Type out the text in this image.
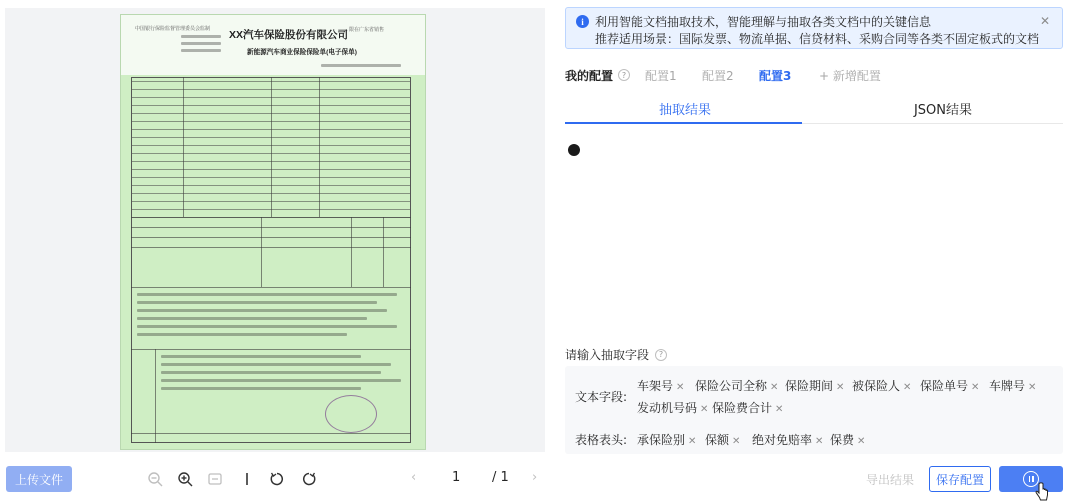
中国银行保险监督管理委员会监制	限在广东省销售
XX汽车保险股份有限公司
新能源汽车商业保险保险单(电子保单)
上传文件	‹	1 / 1 ›
i 利用智能文档抽取技术，智能理解与抽取各类文档中的关键信息
推荐适用场景：国际发票、物流单据、信贷材料、采购合同等各类不固定板式的文档
✕
我的配置	?	配置1 配置2 配置3 + 新增配置
抽取结果	JSON结果
请输入抽取字段	?
文本字段:
车架号 ✕ 保险公司全称 ✕ 保险期间 ✕ 被保险人 ✕ 保险单号 ✕ 车牌号 ✕
发动机号码 ✕ 保险费合计 ✕
表格表头: 承保险别 ✕ 保额 ✕ 绝对免赔率 ✕ 保费 ✕
导出结果	保存配置
